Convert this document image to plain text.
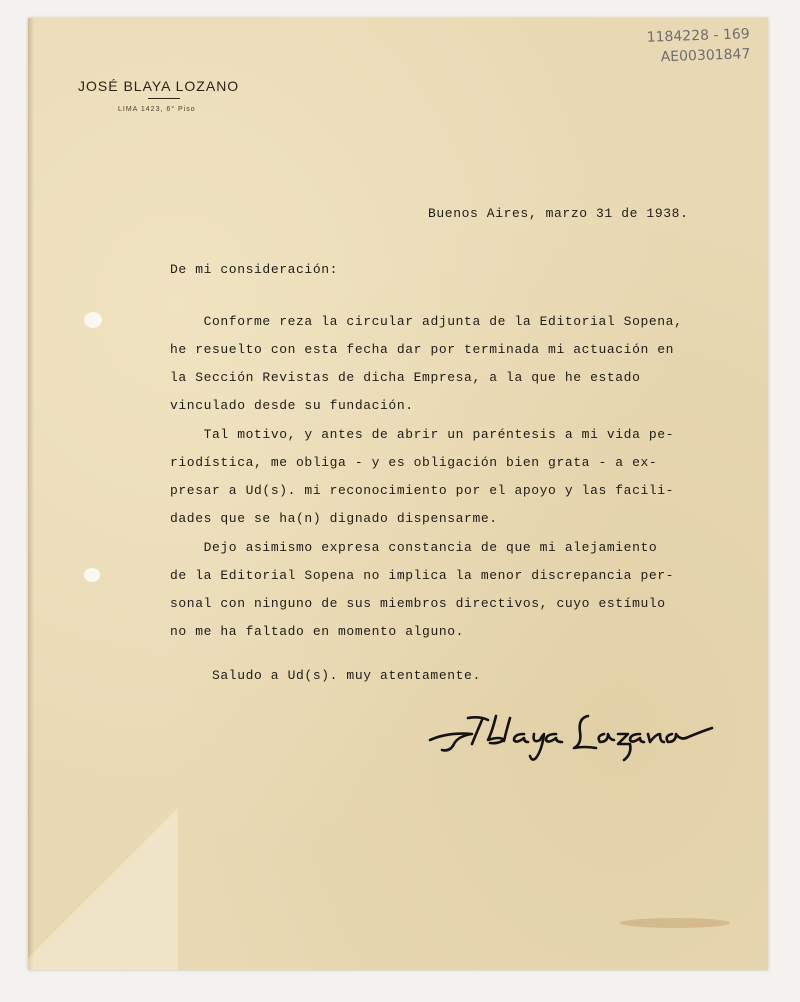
1184228 - 169
AE00301847
JOSÉ BLAYA LOZANO
LIMA 1423, 6° Piso
Buenos Aires, marzo 31 de 1938.
De mi consideración:
Conforme reza la circular adjunta de la Editorial Sopena,
he resuelto con esta fecha dar por terminada mi actuación en
la Sección Revistas de dicha Empresa, a la que he estado
vinculado desde su fundación.
Tal motivo, y antes de abrir un paréntesis a mi vida pe-
riodística, me obliga - y es obligación bien grata - a ex-
presar a Ud(s). mi reconocimiento por el apoyo y las facili-
dades que se ha(n) dignado dispensarme.
Dejo asimismo expresa constancia de que mi alejamiento
de la Editorial Sopena no implica la menor discrepancia per-
sonal con ninguno de sus miembros directivos, cuyo estímulo
no me ha faltado en momento alguno.
Saludo a Ud(s). muy atentamente.
